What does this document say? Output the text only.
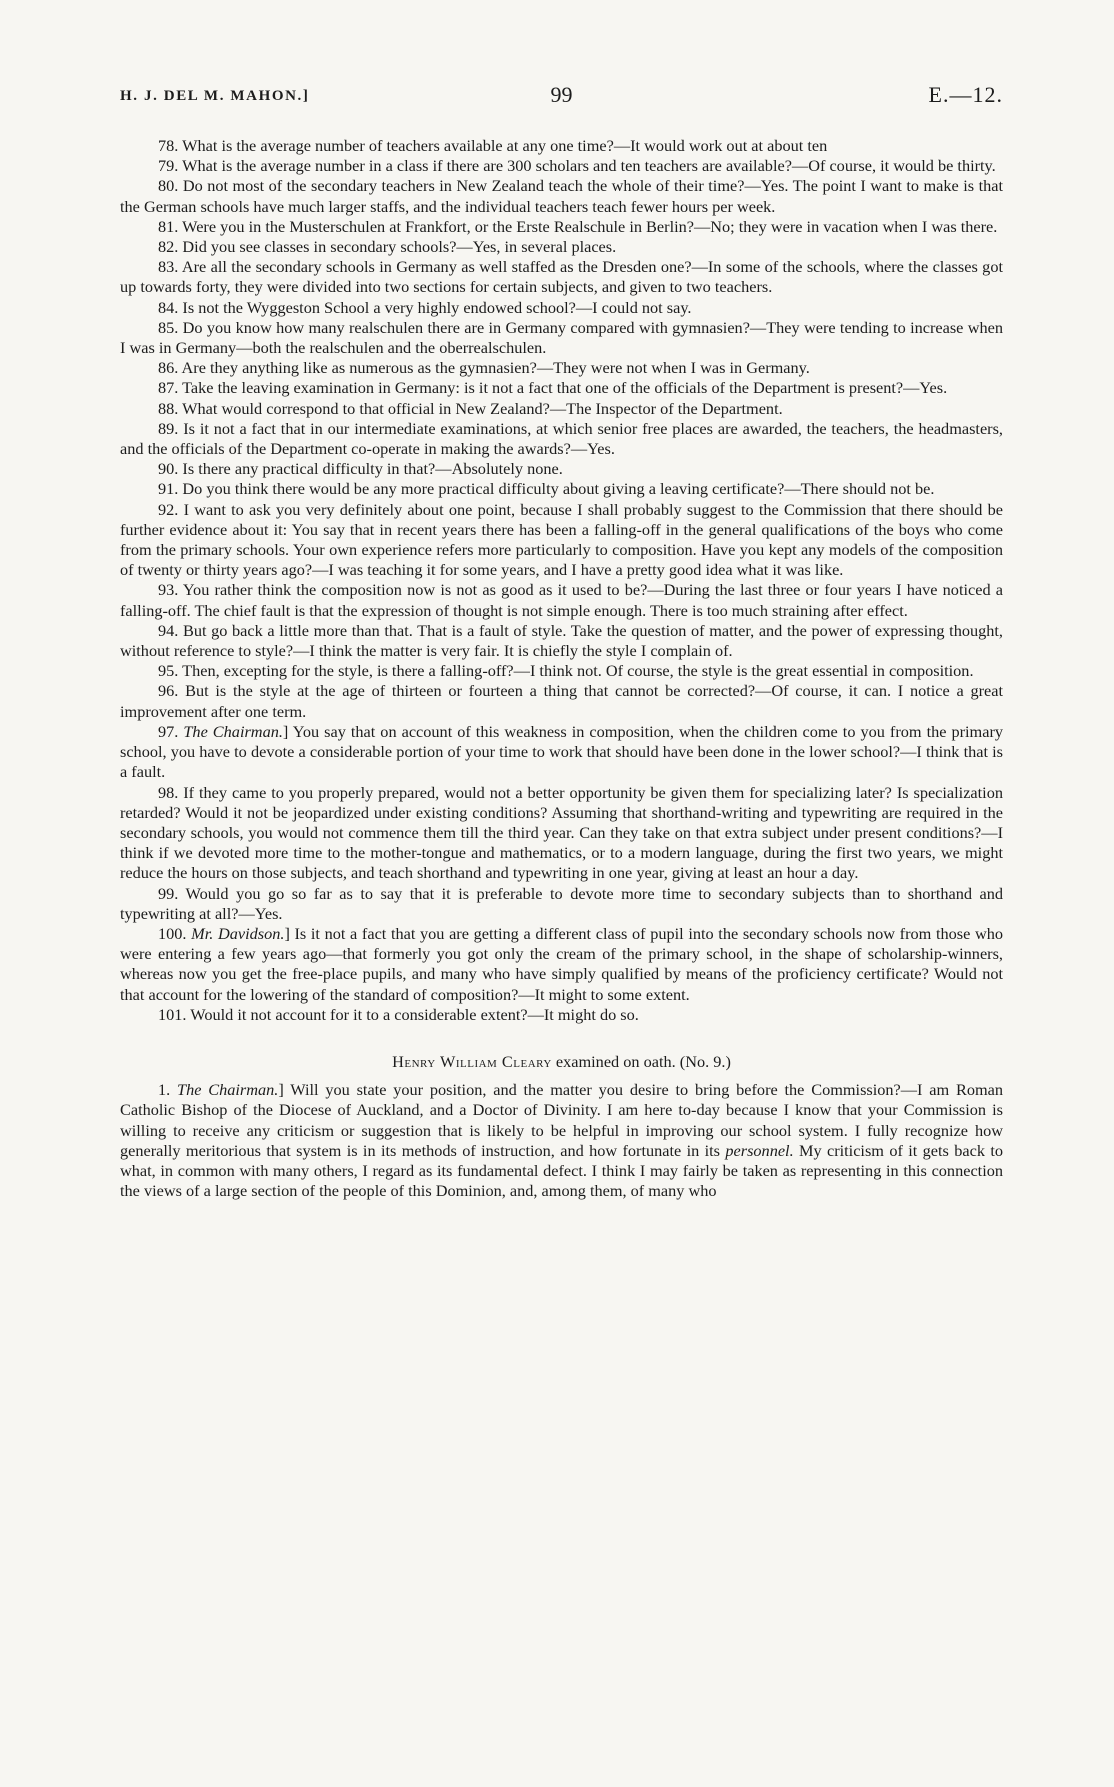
H. J. DEL M. MAHON.]	99	E.—12.

78. What is the average number of teachers available at any one time?—It would work out at about ten

79. What is the average number in a class if there are 300 scholars and ten teachers are available?—Of course, it would be thirty.

80. Do not most of the secondary teachers in New Zealand teach the whole of their time?—Yes. The point I want to make is that the German schools have much larger staffs, and the individual teachers teach fewer hours per week.

81. Were you in the Musterschulen at Frankfort, or the Erste Realschule in Berlin?—No; they were in vacation when I was there.

82. Did you see classes in secondary schools?—Yes, in several places.

83. Are all the secondary schools in Germany as well staffed as the Dresden one?—In some of the schools, where the classes got up towards forty, they were divided into two sections for certain subjects, and given to two teachers.

84. Is not the Wyggeston School a very highly endowed school?—I could not say.

85. Do you know how many realschulen there are in Germany compared with gymnasien?—They were tending to increase when I was in Germany—both the realschulen and the oberrealschulen.

86. Are they anything like as numerous as the gymnasien?—They were not when I was in Germany.

87. Take the leaving examination in Germany: is it not a fact that one of the officials of the Department is present?—Yes.

88. What would correspond to that official in New Zealand?—The Inspector of the Department.

89. Is it not a fact that in our intermediate examinations, at which senior free places are awarded, the teachers, the headmasters, and the officials of the Department co-operate in making the awards?—Yes.

90. Is there any practical difficulty in that?—Absolutely none.

91. Do you think there would be any more practical difficulty about giving a leaving certificate?—There should not be.

92. I want to ask you very definitely about one point, because I shall probably suggest to the Commission that there should be further evidence about it: You say that in recent years there has been a falling-off in the general qualifications of the boys who come from the primary schools. Your own experience refers more particularly to composition. Have you kept any models of the composition of twenty or thirty years ago?—I was teaching it for some years, and I have a pretty good idea what it was like.

93. You rather think the composition now is not as good as it used to be?—During the last three or four years I have noticed a falling-off. The chief fault is that the expression of thought is not simple enough. There is too much straining after effect.

94. But go back a little more than that. That is a fault of style. Take the question of matter, and the power of expressing thought, without reference to style?—I think the matter is very fair. It is chiefly the style I complain of.

95. Then, excepting for the style, is there a falling-off?—I think not. Of course, the style is the great essential in composition.

96. But is the style at the age of thirteen or fourteen a thing that cannot be corrected?—Of course, it can. I notice a great improvement after one term.

97. The Chairman.] You say that on account of this weakness in composition, when the children come to you from the primary school, you have to devote a considerable portion of your time to work that should have been done in the lower school?—I think that is a fault.

98. If they came to you properly prepared, would not a better opportunity be given them for specializing later? Is specialization retarded? Would it not be jeopardized under existing conditions? Assuming that shorthand-writing and typewriting are required in the secondary schools, you would not commence them till the third year. Can they take on that extra subject under present conditions?—I think if we devoted more time to the mother-tongue and mathematics, or to a modern language, during the first two years, we might reduce the hours on those subjects, and teach shorthand and typewriting in one year, giving at least an hour a day.

99. Would you go so far as to say that it is preferable to devote more time to secondary subjects than to shorthand and typewriting at all?—Yes.

100. Mr. Davidson.] Is it not a fact that you are getting a different class of pupil into the secondary schools now from those who were entering a few years ago—that formerly you got only the cream of the primary school, in the shape of scholarship-winners, whereas now you get the free-place pupils, and many who have simply qualified by means of the proficiency certificate? Would not that account for the lowering of the standard of composition?—It might to some extent.

101. Would it not account for it to a considerable extent?—It might do so.

Henry William Cleary examined on oath. (No. 9.)

1. The Chairman.] Will you state your position, and the matter you desire to bring before the Commission?—I am Roman Catholic Bishop of the Diocese of Auckland, and a Doctor of Divinity. I am here to-day because I know that your Commission is willing to receive any criticism or suggestion that is likely to be helpful in improving our school system. I fully recognize how generally meritorious that system is in its methods of instruction, and how fortunate in its personnel. My criticism of it gets back to what, in common with many others, I regard as its fundamental defect. I think I may fairly be taken as representing in this connection the views of a large section of the people of this Dominion, and, among them, of many who
